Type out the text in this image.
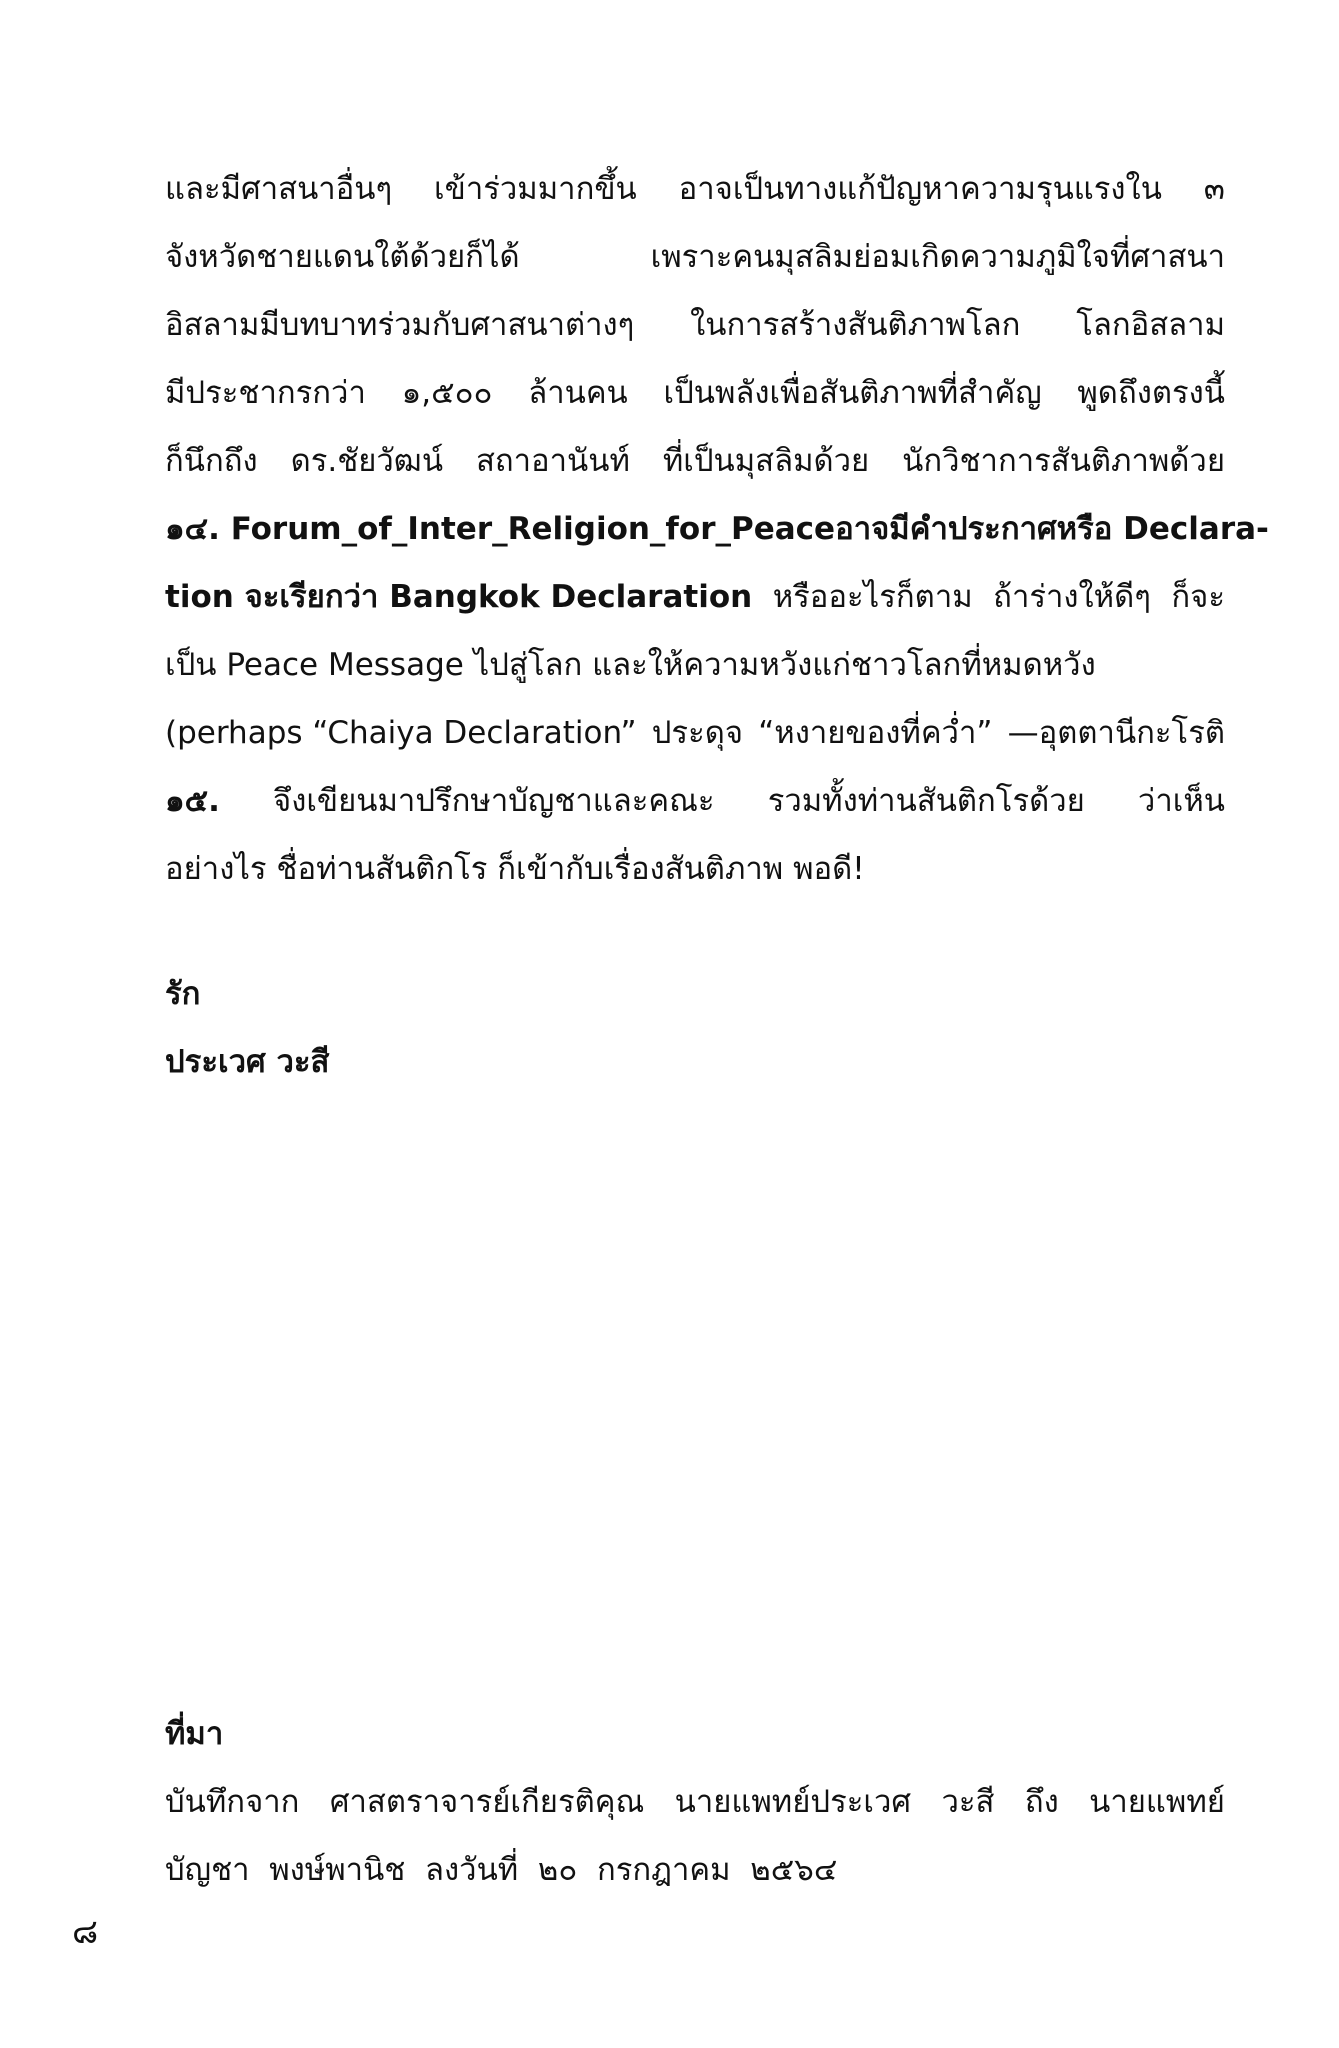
และมีศาสนาอื่นๆ เข้าร่วมมากขึ้น อาจเป็นทางแก้ปัญหาความรุนแรงใน ๓
จังหวัดชายแดนใต้ด้วยก็ได้	เพราะคนมุสลิมย่อมเกิดความภูมิใจที่ศาสนา
อิสลามมีบทบาทร่วมกับศาสนาต่างๆ ในการสร้างสันติภาพโลก โลกอิสลาม
มีประชากรกว่า ๑,๕๐๐ ล้านคน เป็นพลังเพื่อสันติภาพที่สำคัญ พูดถึงตรงนี้
ก็นึกถึง ดร.ชัยวัฒน์ สถาอานันท์ ที่เป็นมุสลิมด้วย นักวิชาการสันติภาพด้วย
๑๔. Forum_of_Inter_Religion_for_Peace อาจมีคำประกาศหรือ Declara-
tion จะเรียกว่า Bangkok Declaration หรืออะไรก็ตาม ถ้าร่างให้ดีๆ ก็จะ
เป็น Peace Message ไปสู่โลก และให้ความหวังแก่ชาวโลกที่หมดหวัง
(perhaps “Chaiya Declaration” ประดุจ “หงายของที่คว่ำ” —อุตตานีกะโรติ
๑๕. จึงเขียนมาปรึกษาบัญชาและคณะ รวมทั้งท่านสันติกโรด้วย ว่าเห็น
อย่างไร ชื่อท่านสันติกโร ก็เข้ากับเรื่องสันติภาพ พอดี!
รัก
ประเวศ วะสี
ที่มา
บันทึกจาก ศาสตราจารย์เกียรติคุณ นายแพทย์ประเวศ วะสี ถึง นายแพทย์
บัญชา  พงษ์พานิช  ลงวันที่  ๒๐  กรกฎาคม  ๒๕๖๔
๘
